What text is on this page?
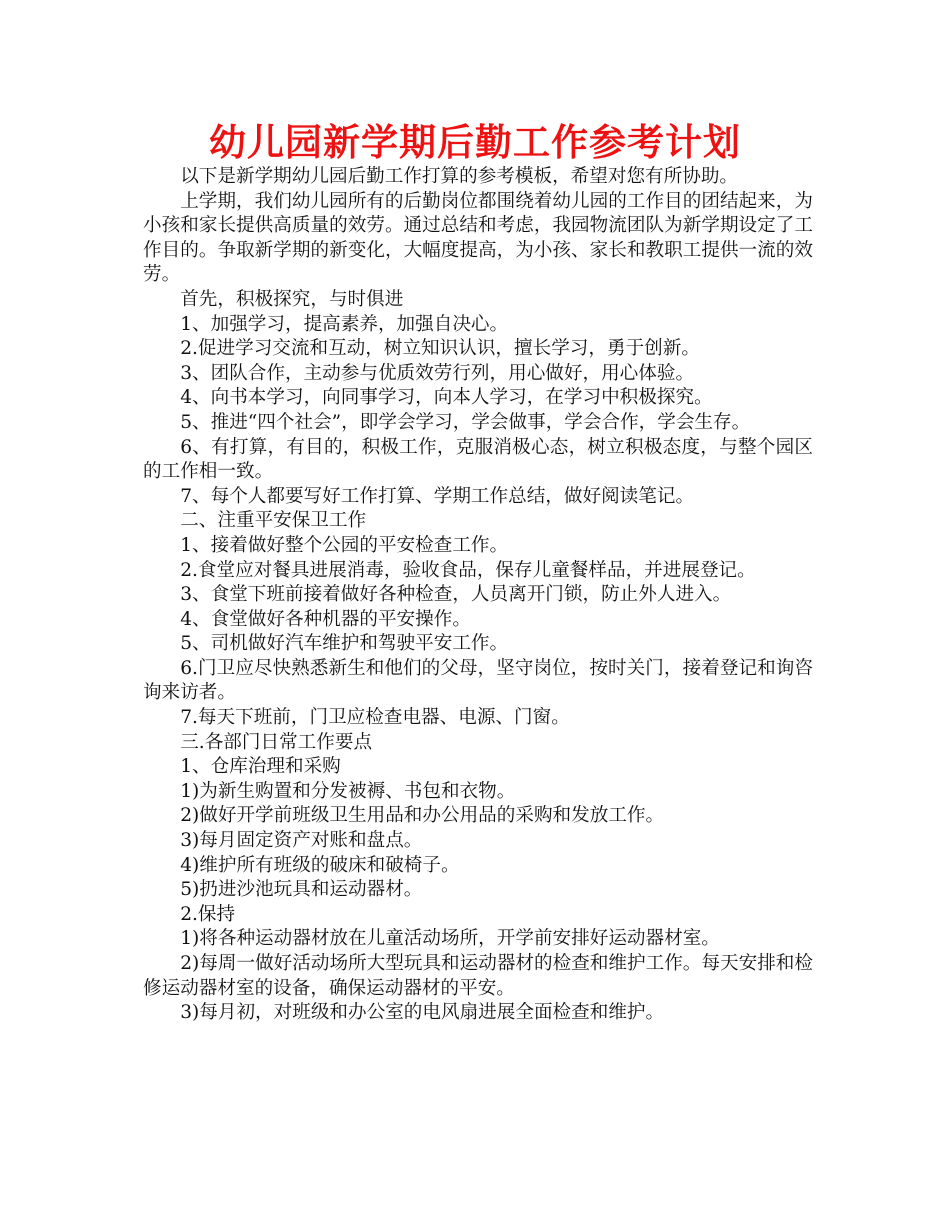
幼儿园新学期后勤工作参考计划

以下是新学期幼儿园后勤工作打算的参考模板，希望对您有所协助。

上学期，我们幼儿园所有的后勤岗位都围绕着幼儿园的工作目的团结起来，为小孩和家长提供高质量的效劳。通过总结和考虑，我园物流团队为新学期设定了工作目的。争取新学期的新变化，大幅度提高，为小孩、家长和教职工提供一流的效劳。

首先，积极探究，与时俱进

1、加强学习，提高素养，加强自决心。

2.促进学习交流和互动，树立知识认识，擅长学习，勇于创新。

3、团队合作，主动参与优质效劳行列，用心做好，用心体验。

4、向书本学习，向同事学习，向本人学习，在学习中积极探究。

5、推进“四个社会”，即学会学习，学会做事，学会合作，学会生存。

6、有打算，有目的，积极工作，克服消极心态，树立积极态度，与整个园区的工作相一致。

7、每个人都要写好工作打算、学期工作总结，做好阅读笔记。

二、注重平安保卫工作

1、接着做好整个公园的平安检查工作。

2.食堂应对餐具进展消毒，验收食品，保存儿童餐样品，并进展登记。

3、食堂下班前接着做好各种检查，人员离开门锁，防止外人进入。

4、食堂做好各种机器的平安操作。

5、司机做好汽车维护和驾驶平安工作。

6.门卫应尽快熟悉新生和他们的父母，坚守岗位，按时关门，接着登记和询咨询来访者。

7.每天下班前，门卫应检查电器、电源、门窗。

三.各部门日常工作要点

1、仓库治理和采购

1)为新生购置和分发被褥、书包和衣物。

2)做好开学前班级卫生用品和办公用品的采购和发放工作。

3)每月固定资产对账和盘点。

4)维护所有班级的破床和破椅子。

5)扔进沙池玩具和运动器材。

2.保持

1)将各种运动器材放在儿童活动场所，开学前安排好运动器材室。

2)每周一做好活动场所大型玩具和运动器材的检查和维护工作。每天安排和检修运动器材室的设备，确保运动器材的平安。

3)每月初，对班级和办公室的电风扇进展全面检查和维护。
